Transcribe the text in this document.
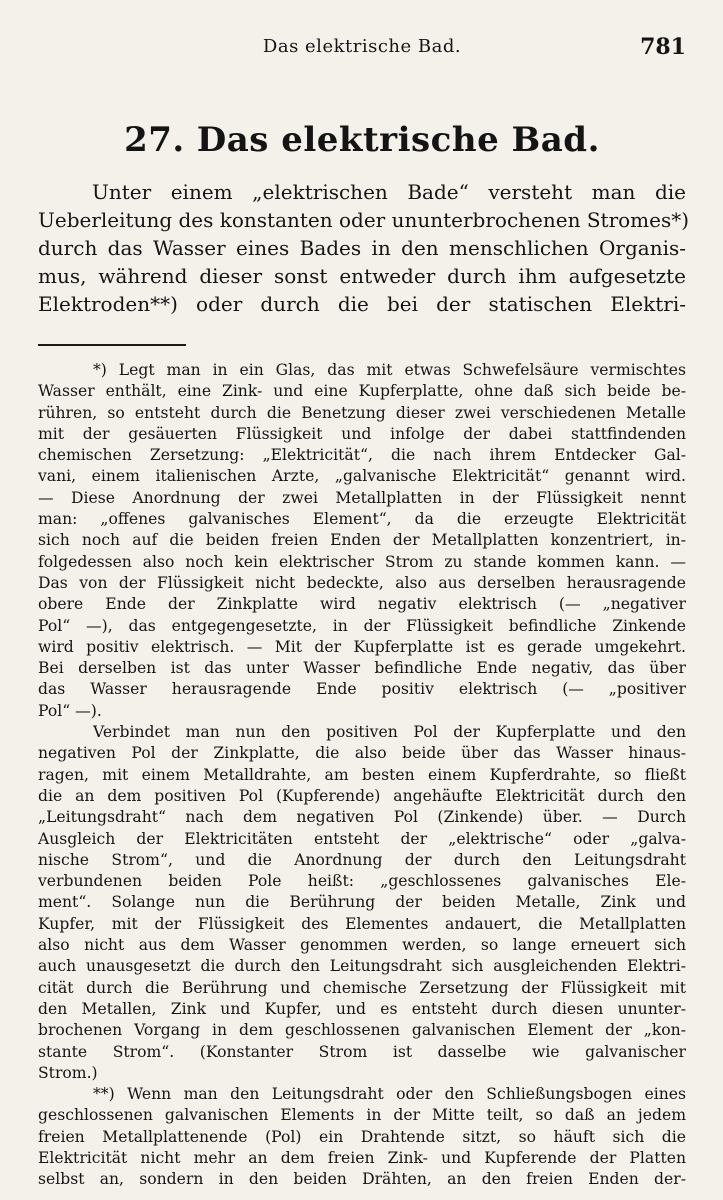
Das elektrische Bad.	781
27. Das elektrische Bad.
Unter einem „elektrischen Bade“ versteht man die
Ueberleitung des konstanten oder ununterbrochenen Stromes*)
durch das Wasser eines Bades in den menschlichen Organis-
mus, während dieser sonst entweder durch ihm aufgesetzte
Elektroden**) oder durch die bei der statischen Elektri-
*) Legt man in ein Glas, das mit etwas Schwefelsäure vermischtes
Wasser enthält, eine Zink- und eine Kupferplatte, ohne daß sich beide be-
rühren, so entsteht durch die Benetzung dieser zwei verschiedenen Metalle
mit der gesäuerten Flüssigkeit und infolge der dabei stattfindenden
chemischen Zersetzung: „Elektricität“, die nach ihrem Entdecker Gal-
vani, einem italienischen Arzte, „galvanische Elektricität“ genannt wird.
— Diese Anordnung der zwei Metallplatten in der Flüssigkeit nennt
man: „offenes galvanisches Element“, da die erzeugte Elektricität
sich noch auf die beiden freien Enden der Metallplatten konzentriert, in-
folgedessen also noch kein elektrischer Strom zu stande kommen kann. —
Das von der Flüssigkeit nicht bedeckte, also aus derselben herausragende
obere Ende der Zinkplatte wird negativ elektrisch (— „negativer
Pol“ —), das entgegengesetzte, in der Flüssigkeit befindliche Zinkende
wird positiv elektrisch. — Mit der Kupferplatte ist es gerade umgekehrt.
Bei derselben ist das unter Wasser befindliche Ende negativ, das über
das Wasser herausragende Ende positiv elektrisch (— „positiver
Pol“ —).
Verbindet man nun den positiven Pol der Kupferplatte und den
negativen Pol der Zinkplatte, die also beide über das Wasser hinaus-
ragen, mit einem Metalldrahte, am besten einem Kupferdrahte, so fließt
die an dem positiven Pol (Kupferende) angehäufte Elektricität durch den
„Leitungsdraht“ nach dem negativen Pol (Zinkende) über. — Durch
Ausgleich der Elektricitäten entsteht der „elektrische“ oder „galva-
nische Strom“, und die Anordnung der durch den Leitungsdraht
verbundenen beiden Pole heißt: „geschlossenes galvanisches Ele-
ment“. Solange nun die Berührung der beiden Metalle, Zink und
Kupfer, mit der Flüssigkeit des Elementes andauert, die Metallplatten
also nicht aus dem Wasser genommen werden, so lange erneuert sich
auch unausgesetzt die durch den Leitungsdraht sich ausgleichenden Elektri-
cität durch die Berührung und chemische Zersetzung der Flüssigkeit mit
den Metallen, Zink und Kupfer, und es entsteht durch diesen ununter-
brochenen Vorgang in dem geschlossenen galvanischen Element der „kon-
stante Strom“. (Konstanter Strom ist dasselbe wie galvanischer
Strom.)
**) Wenn man den Leitungsdraht oder den Schließungsbogen eines
geschlossenen galvanischen Elements in der Mitte teilt, so daß an jedem
freien Metallplattenende (Pol) ein Drahtende sitzt, so häuft sich die
Elektricität nicht mehr an dem freien Zink- und Kupferende der Platten
selbst an, sondern in den beiden Drähten, an den freien Enden der-
